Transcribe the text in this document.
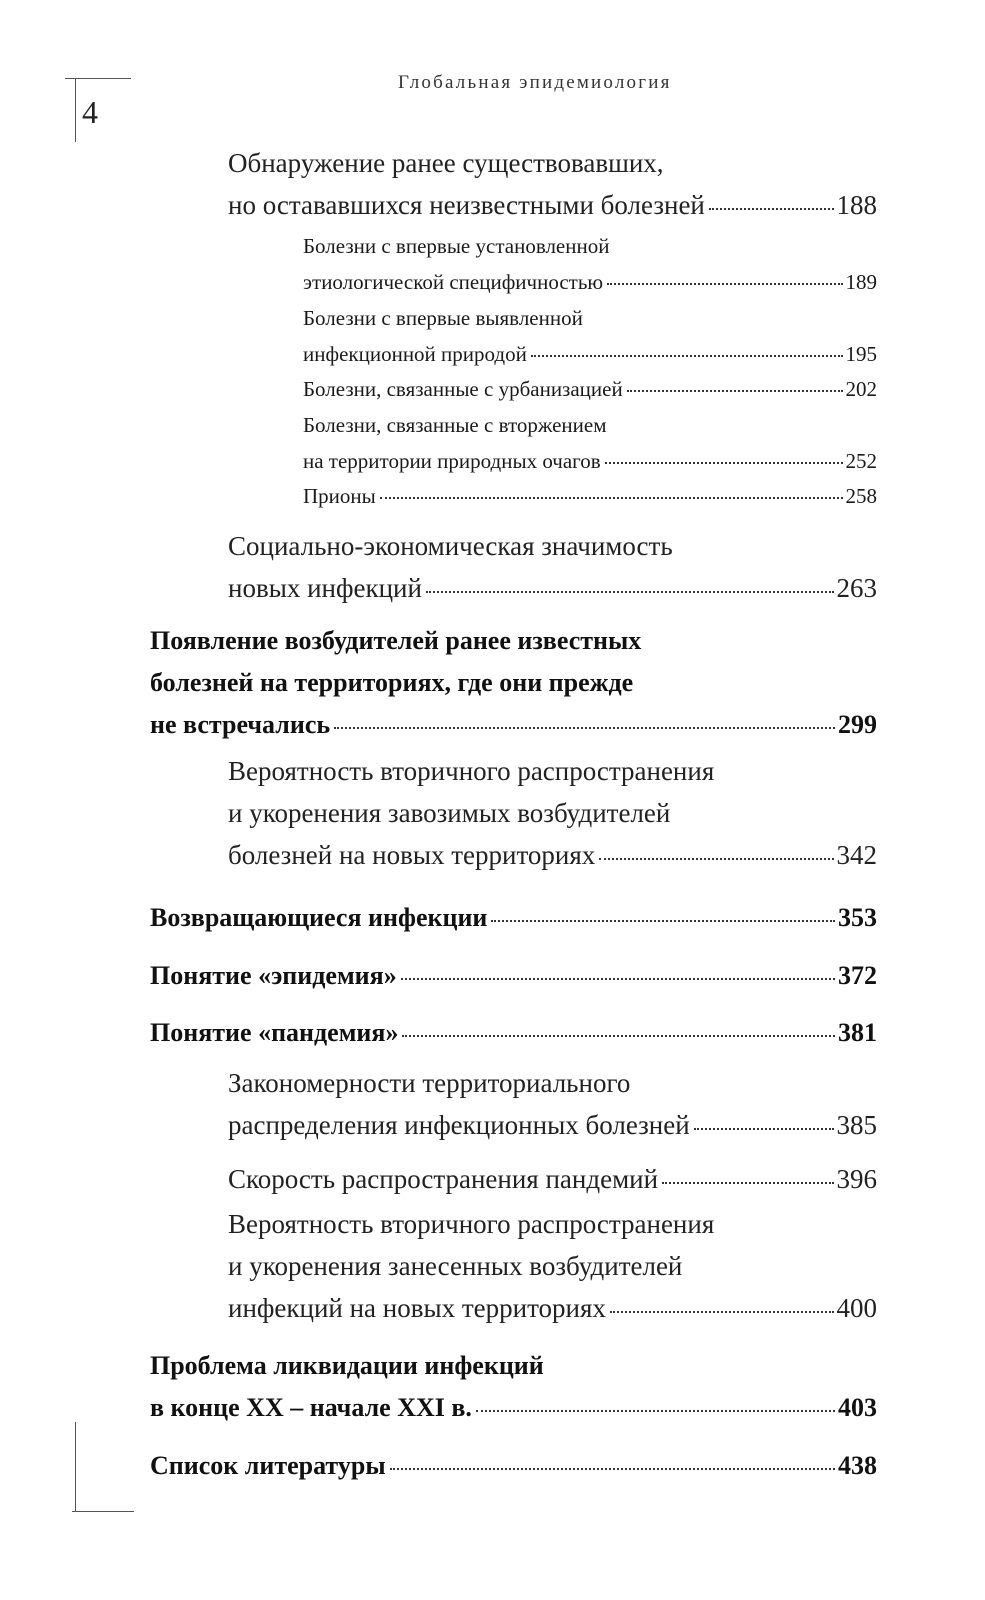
4
Глобальная эпидемиология
Обнаружение ранее существовавших,
но остававшихся неизвестными болезней	188
Болезни с впервые установленной
этиологической специфичностью	189
Болезни с впервые выявленной
инфекционной природой	195
Болезни, связанные с урбанизацией	202
Болезни, связанные с вторжением
на территории природных очагов	252
Прионы	258
Социально-экономическая значимость
новых инфекций	263
Появление возбудителей ранее известных
болезней на территориях, где они прежде
не встречались	299
Вероятность вторичного распространения
и укоренения завозимых возбудителей
болезней на новых территориях	342
Возвращающиеся инфекции	353
Понятие «эпидемия»	372
Понятие «пандемия»	381
Закономерности территориального
распределения инфекционных болезней	385
Скорость распространения пандемий	396
Вероятность вторичного распространения
и укоренения занесенных возбудителей
инфекций на новых территориях	400
Проблема ликвидации инфекций
в конце XX – начале XXI в.	403
Список литературы	438
